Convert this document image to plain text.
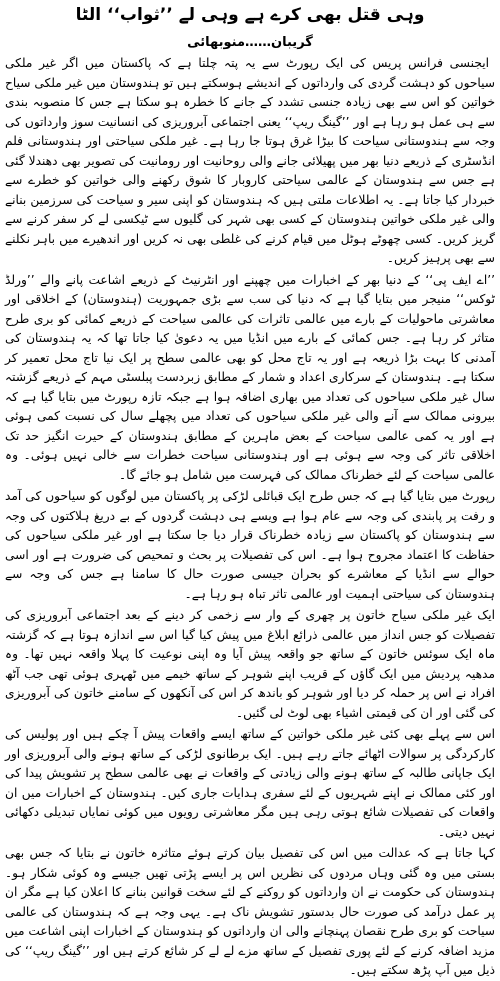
وہی قتل بھی کرے ہے وہی لے ’’ثواب‘‘ الٹا
گریبان……منوبھائی

ایجنسی فرانس پریس کی ایک رپورٹ سے یہ پتہ چلتا ہے کہ پاکستان میں اگر غیر ملکی سیاحوں کو دہشت گردی کی وارداتوں کے اندیشے ہوسکتے ہیں تو ہندوستان میں غیر ملکی سیاح خواتین کو اس سے بھی زیادہ جنسی تشدد کے جانے کا خطرہ ہو سکتا ہے جس کا منصوبہ بندی سے ہی عمل ہو رہا ہے اور ’’گینگ ریپ‘‘ یعنی اجتماعی آبروریزی کی انسانیت سوز وارداتوں کی وجہ سے ہندوستانی سیاحت کا بیڑا غرق ہوتا جا رہا ہے۔ غیر ملکی سیاحتی اور ہندوستانی فلم انڈسٹری کے ذریعے دنیا بھر میں پھیلائی جانے والی روحانیت اور رومانیت کی تصویر بھی دھندلا گئی ہے جس سے ہندوستان کے عالمی سیاحتی کاروبار کا شوق رکھنے والی خواتین کو خطرے سے خبردار کیا جاتا ہے۔ یہ اطلاعات ملتی ہیں کہ ہندوستان کو اپنی سیر و سیاحت کی سرزمین بنانے والی غیر ملکی خواتین ہندوستان کے کسی بھی شہر کی گلیوں سے ٹیکسی لے کر سفر کرنے سے گریز کریں۔ کسی چھوٹے ہوٹل میں قیام کرنے کی غلطی بھی نہ کریں اور اندھیرے میں باہر نکلنے سے بھی پرہیز کریں۔

’’اے ایف پی‘‘ کے دنیا بھر کے اخبارات میں چھپنے اور انٹرنیٹ کے ذریعے اشاعت پانے والے ’’ورلڈ ٹوکس‘‘ منیجر میں بتایا گیا ہے کہ دنیا کی سب سے بڑی جمہوریت (ہندوستان) کے اخلاقی اور معاشرتی ماحولیات کے بارے میں عالمی تاثرات کی عالمی سیاحت کے ذریعے کمائی کو بری طرح متاثر کر رہا ہے۔ جس کمائی کے بارے میں انڈیا میں یہ دعویٰ کیا جاتا تھا کہ یہ ہندوستان کی آمدنی کا بہت بڑا ذریعہ ہے اور یہ تاج محل کو بھی عالمی سطح پر ایک نیا تاج محل تعمیر کر سکتا ہے۔ ہندوستان کے سرکاری اعداد و شمار کے مطابق زبردست پبلسٹی مہم کے ذریعے گزشتہ سال غیر ملکی سیاحوں کی تعداد میں بھاری اضافہ ہوا ہے جبکہ تازہ رپورٹ میں بتایا گیا ہے کہ بیرونی ممالک سے آنے والی غیر ملکی سیاحوں کی تعداد میں پچھلے سال کی نسبت کمی ہوئی ہے اور یہ کمی عالمی سیاحت کے بعض ماہرین کے مطابق ہندوستان کے حیرت انگیز حد تک اخلاقی تاثر کی وجہ سے ہوئی ہے اور ہندوستانی سیاحت خطرات سے خالی نہیں ہوئی۔ وہ عالمی سیاحت کے لئے خطرناک ممالک کی فہرست میں شامل ہو جائے گا۔

رپورٹ میں بتایا گیا ہے کہ جس طرح ایک قبائلی لڑکی پر پاکستان میں لوگوں کو سیاحوں کی آمد و رفت پر پابندی کی وجہ سے عام ہوا ہے ویسے ہی دہشت گردوں کے بے دریغ ہلاکتوں کی وجہ سے ہندوستان کو پاکستان سے زیادہ خطرناک قرار دیا جا سکتا ہے اور غیر ملکی سیاحوں کی حفاظت کا اعتماد مجروح ہوا ہے۔ اس کی تفصیلات پر بحث و تمحیص کی ضرورت ہے اور اسی حوالے سے انڈیا کے معاشرے کو بحران جیسی صورت حال کا سامنا ہے جس کی وجہ سے ہندوستان کی سیاحتی اہمیت اور عالمی تاثر تباہ ہو رہا ہے۔

ایک غیر ملکی سیاح خاتون پر چھری کے وار سے زخمی کر دینے کے بعد اجتماعی آبروریزی کی تفصیلات کو جس انداز میں عالمی ذرائع ابلاغ میں پیش کیا گیا اس سے اندازہ ہوتا ہے کہ گزشتہ ماہ ایک سوئس خاتون کے ساتھ جو واقعہ پیش آیا وہ اپنی نوعیت کا پہلا واقعہ نہیں تھا۔ وہ مدھیہ پردیش میں ایک گاؤں کے قریب اپنے شوہر کے ساتھ خیمے میں ٹھہری ہوئی تھی جب آٹھ افراد نے اس پر حملہ کر دیا اور شوہر کو باندھ کر اس کی آنکھوں کے سامنے خاتون کی آبروریزی کی گئی اور ان کی قیمتی اشیاء بھی لوٹ لی گئیں۔

اس سے پہلے بھی کئی غیر ملکی خواتین کے ساتھ ایسے واقعات پیش آ چکے ہیں اور پولیس کی کارکردگی پر سوالات اٹھائے جاتے رہے ہیں۔ ایک برطانوی لڑکی کے ساتھ ہونے والی آبروریزی اور ایک جاپانی طالبہ کے ساتھ ہونے والی زیادتی کے واقعات نے بھی عالمی سطح پر تشویش پیدا کی اور کئی ممالک نے اپنے شہریوں کے لئے سفری ہدایات جاری کیں۔ ہندوستان کے اخبارات میں ان واقعات کی تفصیلات شائع ہوتی رہی ہیں مگر معاشرتی رویوں میں کوئی نمایاں تبدیلی دکھائی نہیں دیتی۔

کہا جاتا ہے کہ عدالت میں اس کی تفصیل بیان کرتے ہوئے متاثرہ خاتون نے بتایا کہ جس بھی بستی میں وہ گئی وہاں مردوں کی نظریں اس پر ایسے پڑتی تھیں جیسے وہ کوئی شکار ہو۔ ہندوستان کی حکومت نے ان وارداتوں کو روکنے کے لئے سخت قوانین بنانے کا اعلان کیا ہے مگر ان پر عمل درآمد کی صورت حال بدستور تشویش ناک ہے۔ یہی وجہ ہے کہ ہندوستان کی عالمی سیاحت کو بری طرح نقصان پہنچانے والی ان وارداتوں کو ہندوستان کے اخبارات اپنی اشاعت میں مزید اضافہ کرنے کے لئے پوری تفصیل کے ساتھ مزے لے لے کر شائع کرتے ہیں اور ’’گینگ ریپ‘‘ کی ذیل میں آپ پڑھ سکتے ہیں۔
